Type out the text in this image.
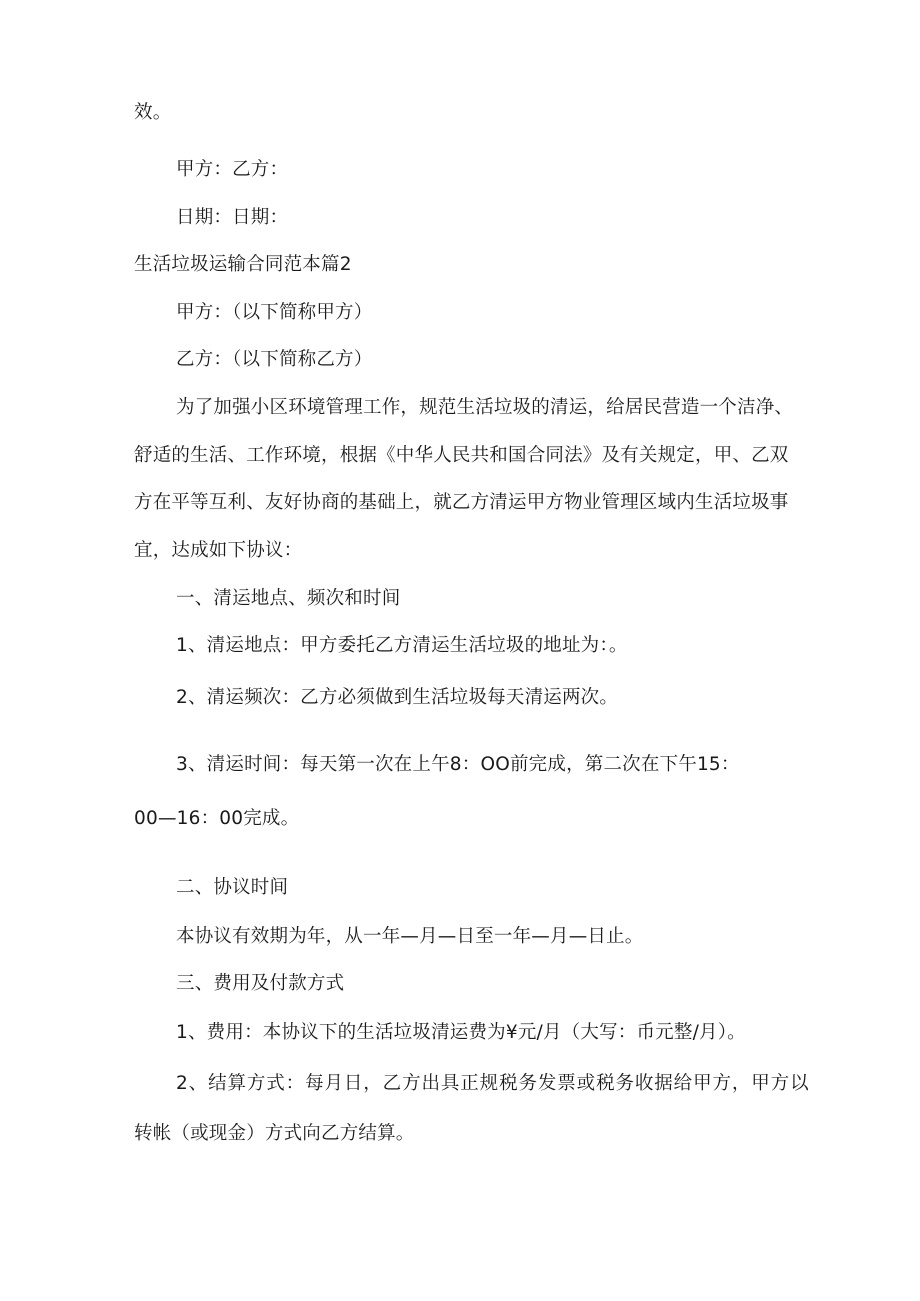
效。

甲方：乙方：

日期：日期：

生活垃圾运输合同范本篇2

甲方：（以下简称甲方）

乙方：（以下简称乙方）

为了加强小区环境管理工作，规范生活垃圾的清运，给居民营造一个洁净、

舒适的生活、工作环境，根据《中华人民共和国合同法》及有关规定，甲、乙双

方在平等互利、友好协商的基础上，就乙方清运甲方物业管理区域内生活垃圾事

宜，达成如下协议：

一、清运地点、频次和时间

1、清运地点：甲方委托乙方清运生活垃圾的地址为：。

2、清运频次：乙方必须做到生活垃圾每天清运两次。

3、清运时间：每天第一次在上午8：OO前完成，第二次在下午15：

00—16：00完成。

二、协议时间

本协议有效期为年，从一年—月—日至一年—月—日止。

三、费用及付款方式

1、费用：本协议下的生活垃圾清运费为¥元/月（大写：币元整/月）。

2、结算方式：每月日，乙方出具正规税务发票或税务收据给甲方，甲方以

转帐（或现金）方式向乙方结算。
